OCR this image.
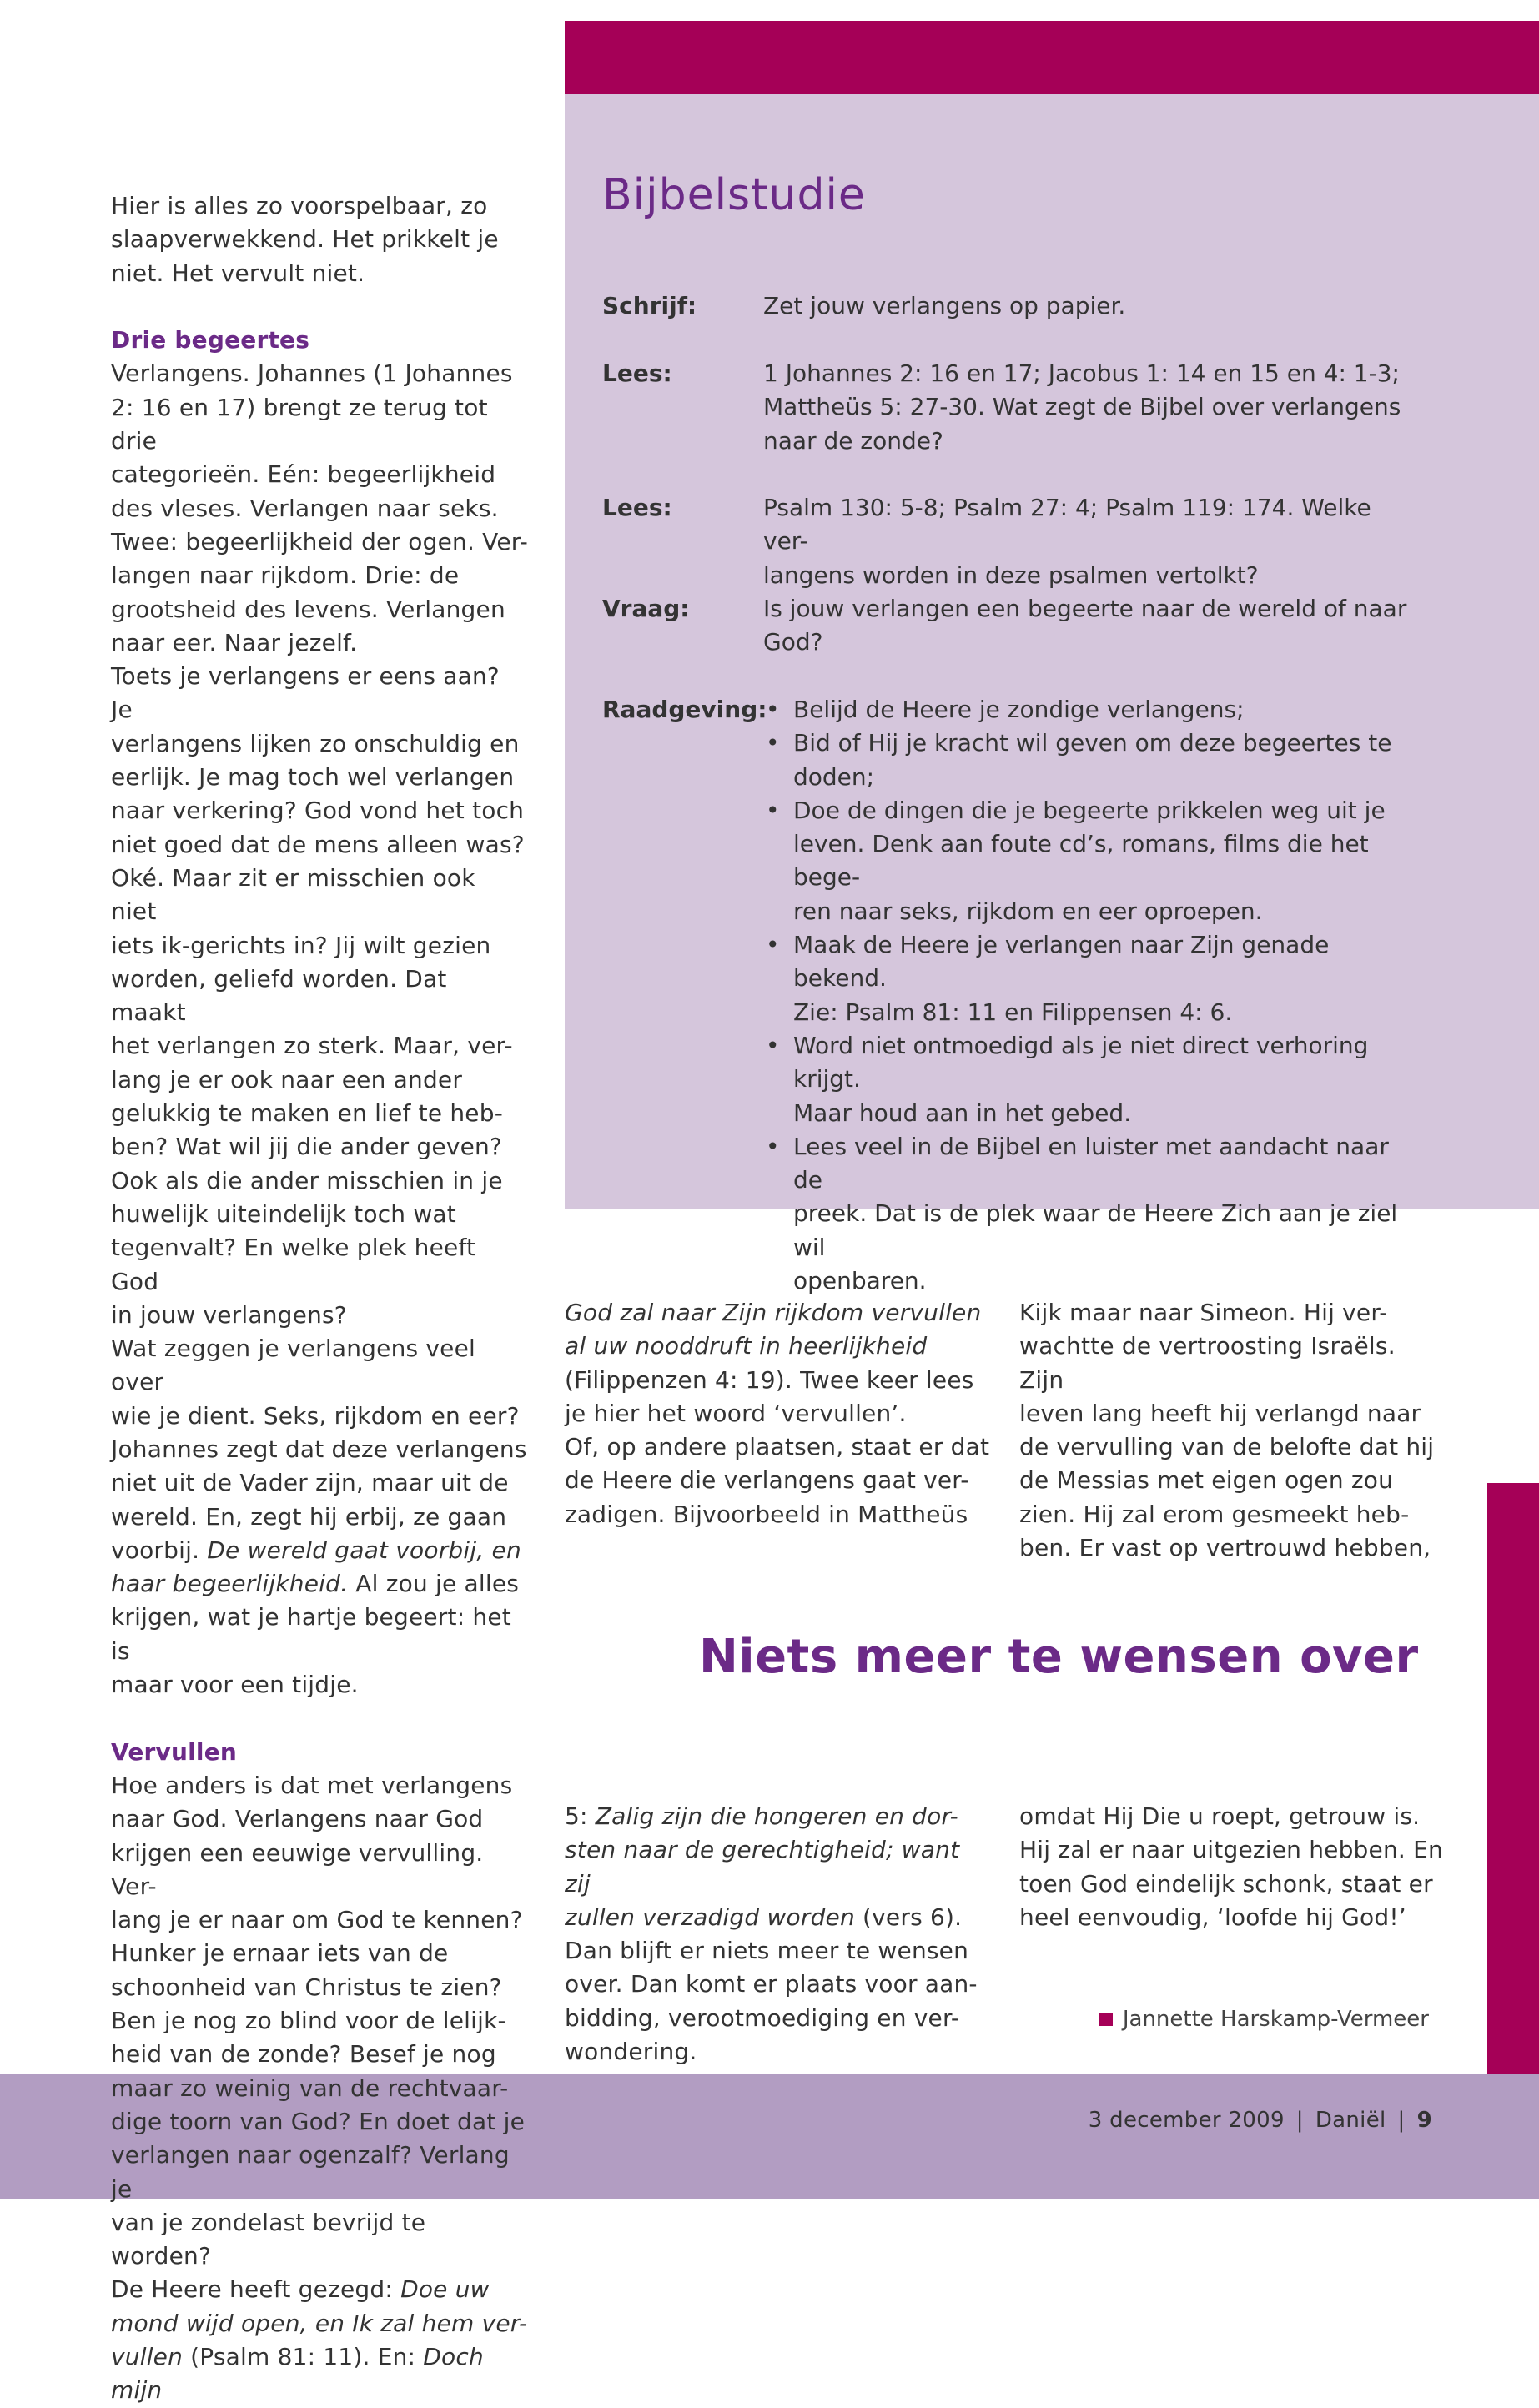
Hier is alles zo voorspelbaar, zo

slaapverwekkend. Het prikkelt je

niet. Het vervult niet.

Drie begeertes

Verlangens. Johannes (1 Johannes

2: 16 en 17) brengt ze terug tot drie

categorieën. Eén: begeerlijkheid

des vleses. Verlangen naar seks.

Twee: begeerlijkheid der ogen. Ver-

langen naar rijkdom. Drie: de

grootsheid des levens. Verlangen

naar eer. Naar jezelf.

Toets je verlangens er eens aan? Je

verlangens lijken zo onschuldig en

eerlijk. Je mag toch wel verlangen

naar verkering? God vond het toch

niet goed dat de mens alleen was?

Oké. Maar zit er misschien ook niet

iets ik-gerichts in? Jij wilt gezien

worden, geliefd worden. Dat maakt

het verlangen zo sterk. Maar, ver-

lang je er ook naar een ander

gelukkig te maken en lief te heb-

ben? Wat wil jij die ander geven?

Ook als die ander misschien in je

huwelijk uiteindelijk toch wat

tegenvalt? En welke plek heeft God

in jouw verlangens?

Wat zeggen je verlangens veel over

wie je dient. Seks, rijkdom en eer?

Johannes zegt dat deze verlangens

niet uit de Vader zijn, maar uit de

wereld. En, zegt hij erbij, ze gaan

voorbij. De wereld gaat voorbij, en

haar begeerlijkheid. Al zou je alles

krijgen, wat je hartje begeert: het is

maar voor een tijdje.

Vervullen

Hoe anders is dat met verlangens

naar God. Verlangens naar God

krijgen een eeuwige vervulling. Ver-

lang je er naar om God te kennen?

Hunker je ernaar iets van de

schoonheid van Christus te zien?

Ben je nog zo blind voor de lelijk-

heid van de zonde? Besef je nog

maar zo weinig van de rechtvaar-

dige toorn van God? En doet dat je

verlangen naar ogenzalf? Verlang je

van je zondelast bevrijd te worden?

De Heere heeft gezegd: Doe uw

mond wijd open, en Ik zal hem ver-

vullen (Psalm 81: 11). En: Doch mijn

Bijbelstudie
Schrijf:	Zet jouw verlangens op papier.
Lees:	1 Johannes 2: 16 en 17; Jacobus 1: 14 en 15 en 4: 1-3;
Mattheüs 5: 27-30. Wat zegt de Bijbel over verlangens
naar de zonde?
Lees:	Psalm 130: 5-8; Psalm 27: 4; Psalm 119: 174. Welke ver-
langens worden in deze psalmen vertolkt?
Vraag:	Is jouw verlangen een begeerte naar de wereld of naar
God?
Raadgeving: • Belijd de Heere je zondige verlangens;
• Bid of Hij je kracht wil geven om deze begeertes te
doden;
• Doe de dingen die je begeerte prikkelen weg uit je
leven. Denk aan foute cd’s, romans, films die het bege-
ren naar seks, rijkdom en eer oproepen.
• Maak de Heere je verlangen naar Zijn genade bekend.
Zie: Psalm 81: 11 en Filippensen 4: 6.
• Word niet ontmoedigd als je niet direct verhoring krijgt.
Maar houd aan in het gebed.
• Lees veel in de Bijbel en luister met aandacht naar de
preek. Dat is de plek waar de Heere Zich aan je ziel wil
openbaren.

God zal naar Zijn rijkdom vervullen

al uw nooddruft in heerlijkheid

(Filippenzen 4: 19). Twee keer lees

je hier het woord ‘vervullen’.

Of, op andere plaatsen, staat er dat

de Heere die verlangens gaat ver-

zadigen. Bijvoorbeeld in Mattheüs

Kijk maar naar Simeon. Hij ver-

wachtte de vertroosting Israëls. Zijn

leven lang heeft hij verlangd naar

de vervulling van de belofte dat hij

de Messias met eigen ogen zou

zien. Hij zal erom gesmeekt heb-

ben. Er vast op vertrouwd hebben,

Niets meer te wensen over

5: Zalig zijn die hongeren en dor-

sten naar de gerechtigheid; want zij

zullen verzadigd worden (vers 6).

Dan blijft er niets meer te wensen

over. Dan komt er plaats voor aan-

bidding, verootmoediging en ver-

wondering.

omdat Hij Die u roept, getrouw is.

Hij zal er naar uitgezien hebben. En

toen God eindelijk schonk, staat er

heel eenvoudig, ‘loofde hij God!’

Jannette Harskamp-Vermeer
3 december 2009 | Daniël | 9
